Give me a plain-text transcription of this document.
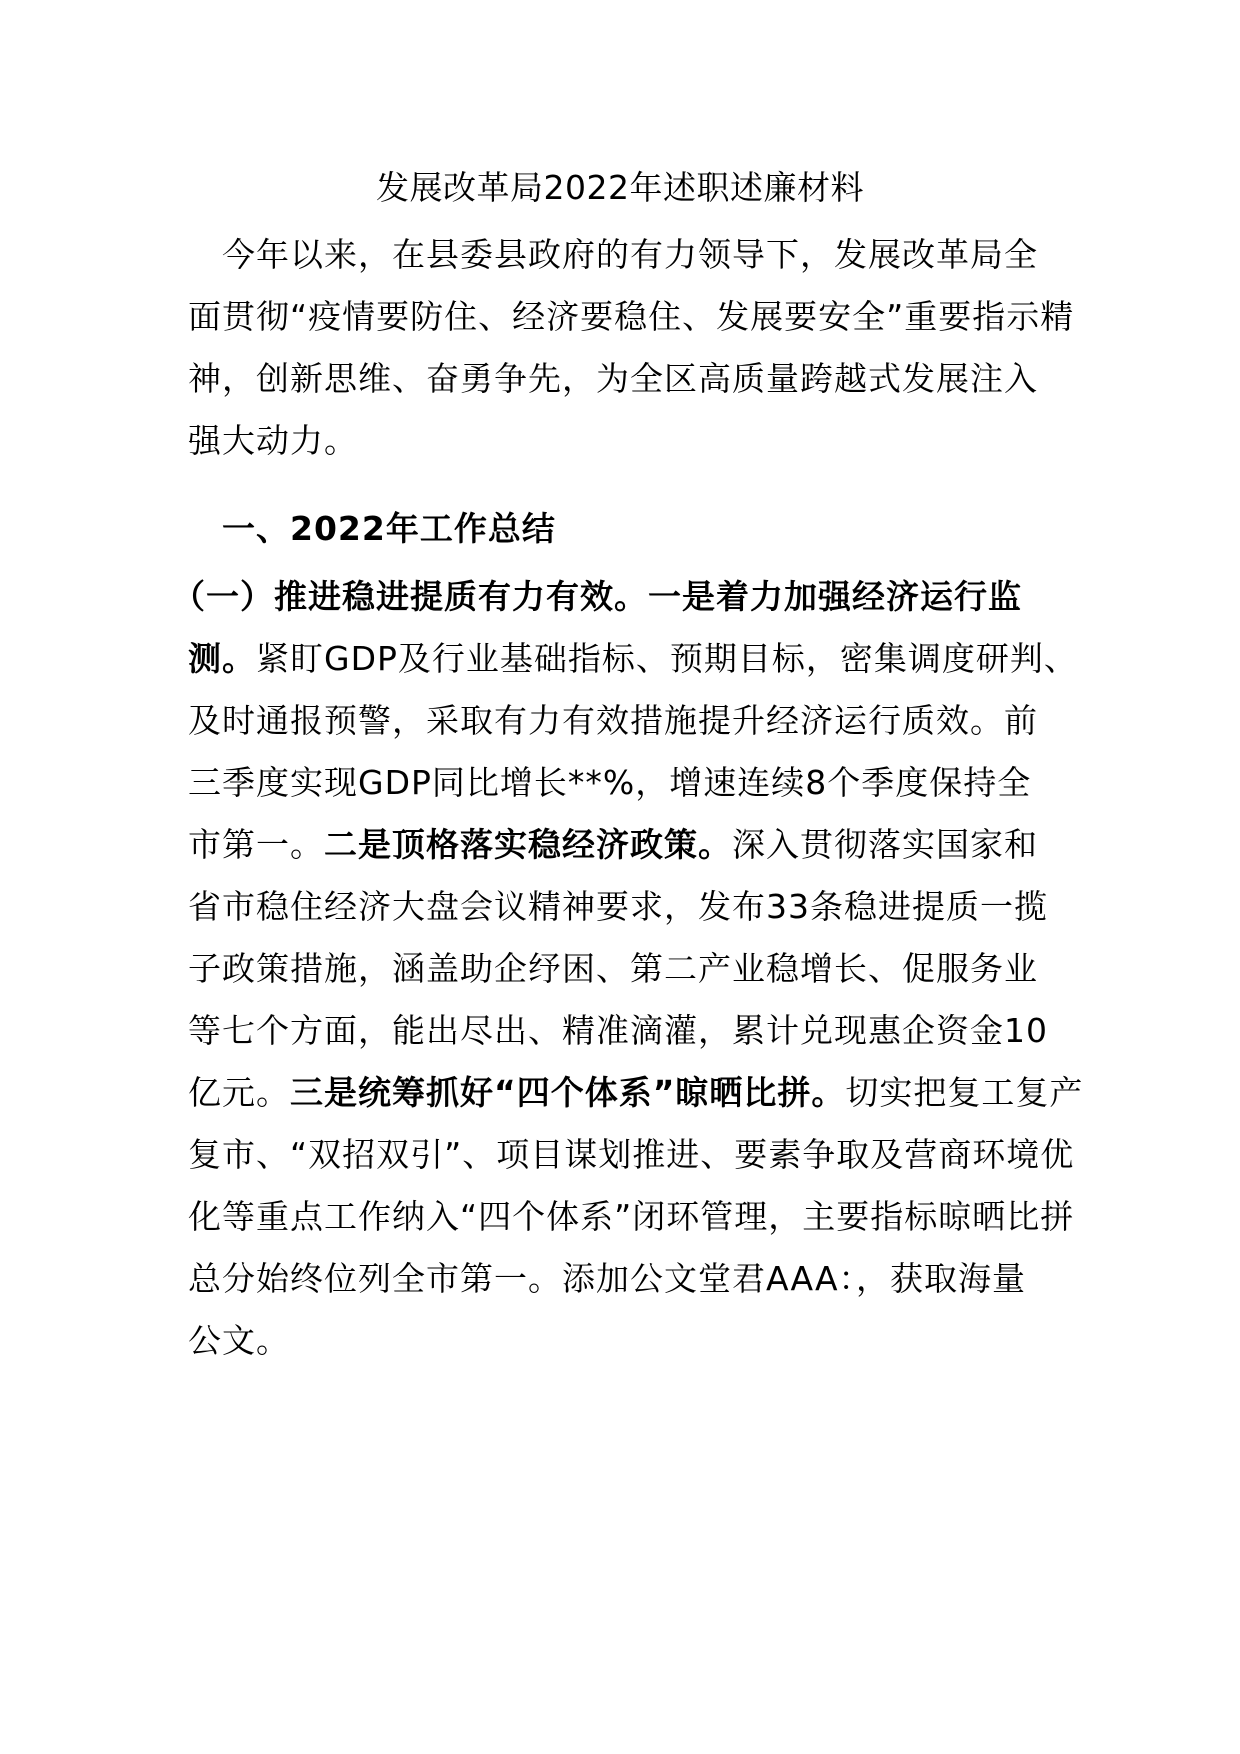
发展改革局2022年述职述廉材料
　今年以来，在县委县政府的有力领导下，发展改革局全
面贯彻“疫情要防住、经济要稳住、发展要安全”重要指示精
神，创新思维、奋勇争先，为全区高质量跨越式发展注入
强大动力。
　一、2022年工作总结
（一）推进稳进提质有力有效。一是着力加强经济运行监
测。紧盯GDP及行业基础指标、预期目标，密集调度研判、
及时通报预警，采取有力有效措施提升经济运行质效。前
三季度实现GDP同比增长**%，增速连续8个季度保持全
市第一。二是顶格落实稳经济政策。深入贯彻落实国家和
省市稳住经济大盘会议精神要求，发布33条稳进提质一揽
子政策措施，涵盖助企纾困、第二产业稳增长、促服务业
等七个方面，能出尽出、精准滴灌，累计兑现惠企资金10
亿元。三是统筹抓好“四个体系”晾晒比拼。切实把复工复产
复市、“双招双引”、项目谋划推进、要素争取及营商环境优
化等重点工作纳入“四个体系”闭环管理，主要指标晾晒比拼
总分始终位列全市第一。添加公文堂君AAA：，获取海量
公文。
